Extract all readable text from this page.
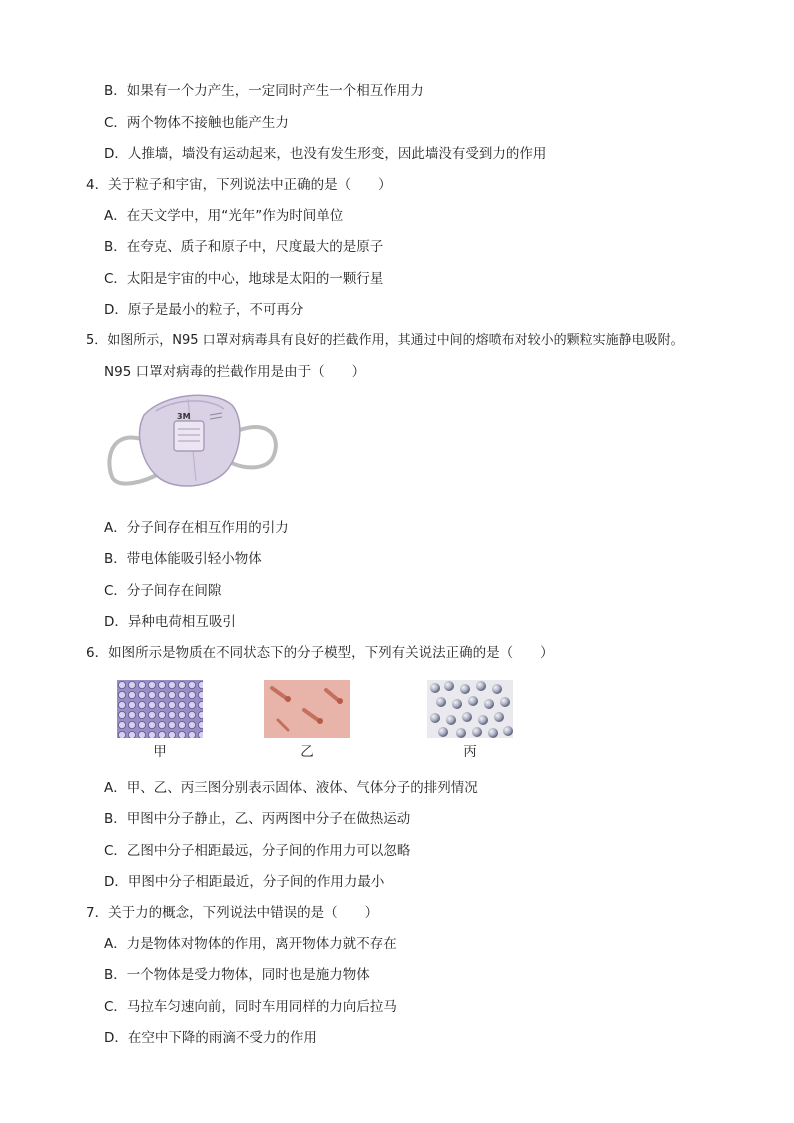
B．如果有一个力产生，一定同时产生一个相互作用力
C．两个物体不接触也能产生力
D．人推墙，墙没有运动起来，也没有发生形变，因此墙没有受到力的作用
4．关于粒子和宇宙，下列说法中正确的是（　　）
A．在天文学中，用“光年”作为时间单位
B．在夸克、质子和原子中，尺度最大的是原子
C．太阳是宇宙的中心，地球是太阳的一颗行星
D．原子是最小的粒子，不可再分
5．如图所示，N95 口罩对病毒具有良好的拦截作用，其通过中间的熔喷布对较小的颗粒实施静电吸附。
N95 口罩对病毒的拦截作用是由于（　　）
3M
A．分子间存在相互作用的引力
B．带电体能吸引轻小物体
C．分子间存在间隙
D．异种电荷相互吸引
6．如图所示是物质在不同状态下的分子模型，下列有关说法正确的是（　　）
甲	乙	丙
A．甲、乙、丙三图分别表示固体、液体、气体分子的排列情况
B．甲图中分子静止，乙、丙两图中分子在做热运动
C．乙图中分子相距最远，分子间的作用力可以忽略
D．甲图中分子相距最近，分子间的作用力最小
7．关于力的概念，下列说法中错误的是（　　）
A．力是物体对物体的作用，离开物体力就不存在
B．一个物体是受力物体，同时也是施力物体
C．马拉车匀速向前，同时车用同样的力向后拉马
D．在空中下降的雨滴不受力的作用
